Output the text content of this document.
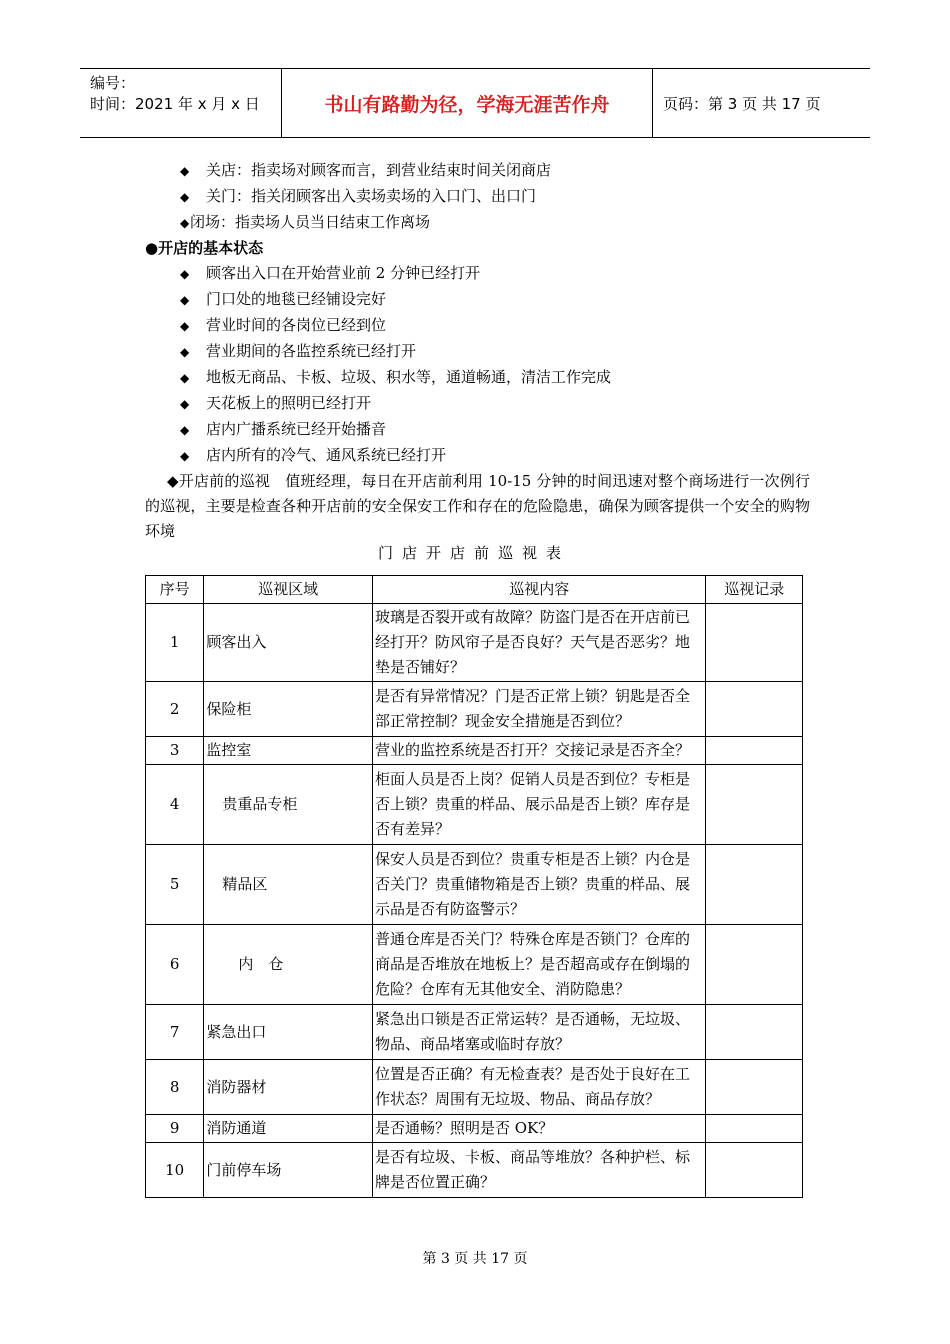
编号：
时间：2021 年 x 月 x 日	书山有路勤为径，学海无涯苦作舟	页码：第 3 页 共 17 页
◆ 关店：指卖场对顾客而言，到营业结束时间关闭商店
◆ 关门：指关闭顾客出入卖场卖场的入口门、出口门
◆闭场：指卖场人员当日结束工作离场
●开店的基本状态
◆ 顾客出入口在开始营业前 2 分钟已经打开
◆ 门口处的地毯已经铺设完好
◆ 营业时间的各岗位已经到位
◆ 营业期间的各监控系统已经打开
◆ 地板无商品、卡板、垃圾、积水等，通道畅通，清洁工作完成
◆ 天花板上的照明已经打开
◆ 店内广播系统已经开始播音
◆ 店内所有的冷气、通风系统已经打开
◆开店前的巡视　值班经理，每日在开店前利用 10-15 分钟的时间迅速对整个商场进行一次例行的巡视，主要是检查各种开店前的安全保安工作和存在的危险隐患，确保为顾客提供一个安全的购物环境
门店开店前巡视表
序号	巡视区域	巡视内容	巡视记录
1	顾客出入	玻璃是否裂开或有故障？防盗门是否在开店前已经打开？防风帘子是否良好？天气是否恶劣？地垫是否铺好？	
2	保险柜	是否有异常情况？门是否正常上锁？钥匙是否全部正常控制？现金安全措施是否到位？	
3	监控室	营业的监控系统是否打开？交接记录是否齐全？	
4	贵重品专柜	柜面人员是否上岗？促销人员是否到位？专柜是否上锁？贵重的样品、展示品是否上锁？库存是否有差异？	
5	精品区	保安人员是否到位？贵重专柜是否上锁？内仓是否关门？贵重储物箱是否上锁？贵重的样品、展示品是否有防盗警示？	
6	内　仓	普通仓库是否关门？特殊仓库是否锁门？仓库的商品是否堆放在地板上？是否超高或存在倒塌的危险？仓库有无其他安全、消防隐患？	
7	紧急出口	紧急出口锁是否正常运转？是否通畅，无垃圾、物品、商品堵塞或临时存放？	
8	消防器材	位置是否正确？有无检查表？是否处于良好在工作状态？周围有无垃圾、物品、商品存放？	
9	消防通道	是否通畅？照明是否 OK？	
10	门前停车场	是否有垃圾、卡板、商品等堆放？各种护栏、标牌是否位置正确？	
第 3 页 共 17 页
